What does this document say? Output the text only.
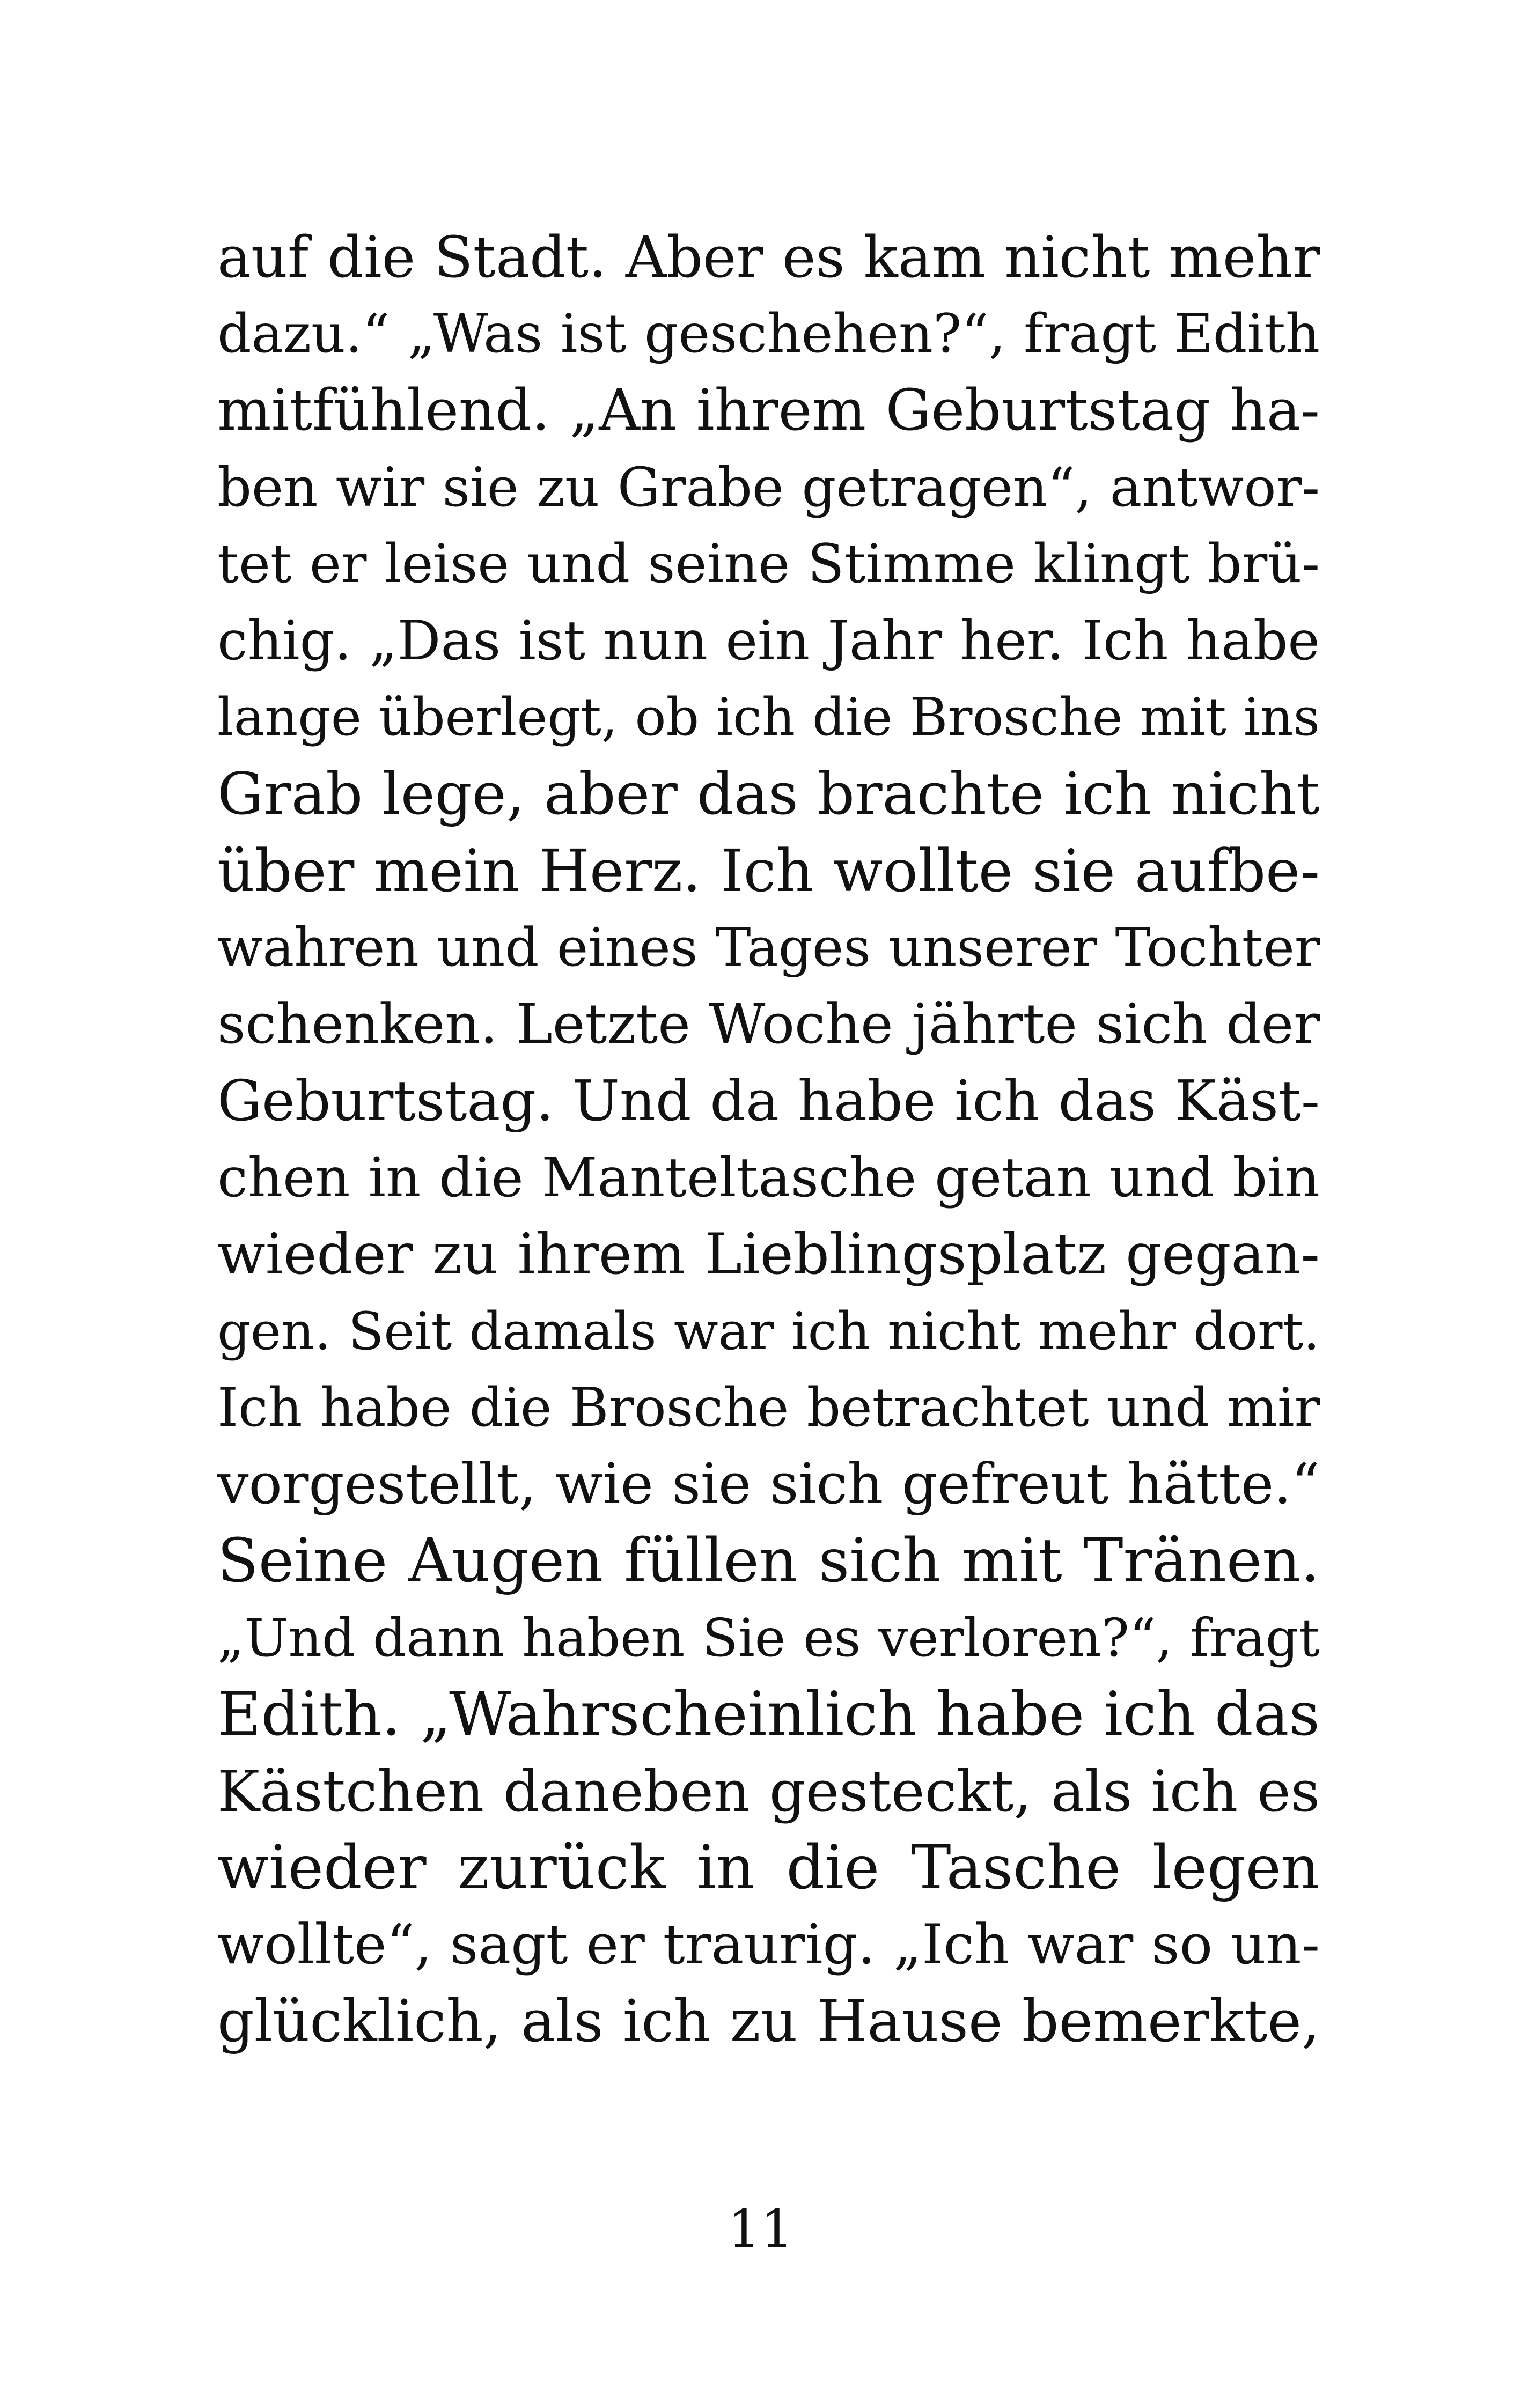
auf die Stadt. Aber es kam nicht mehr
dazu.“ „Was ist geschehen?“, fragt Edith
mitfühlend. „An ihrem Geburtstag ha-
ben wir sie zu Grabe getragen“, antwor-
tet er leise und seine Stimme klingt brü-
chig. „Das ist nun ein Jahr her. Ich habe
lange überlegt, ob ich die Brosche mit ins
Grab lege, aber das brachte ich nicht
über mein Herz. Ich wollte sie aufbe-
wahren und eines Tages unserer Tochter
schenken. Letzte Woche jährte sich der
Geburtstag. Und da habe ich das Käst-
chen in die Manteltasche getan und bin
wieder zu ihrem Lieblingsplatz gegan-
gen. Seit damals war ich nicht mehr dort.
Ich habe die Brosche betrachtet und mir
vorgestellt, wie sie sich gefreut hätte.“
Seine Augen füllen sich mit Tränen.
„Und dann haben Sie es verloren?“, fragt
Edith. „Wahrscheinlich habe ich das
Kästchen daneben gesteckt, als ich es
wieder zurück in die Tasche legen
wollte“, sagt er traurig. „Ich war so un-
glücklich, als ich zu Hause bemerkte,
11
